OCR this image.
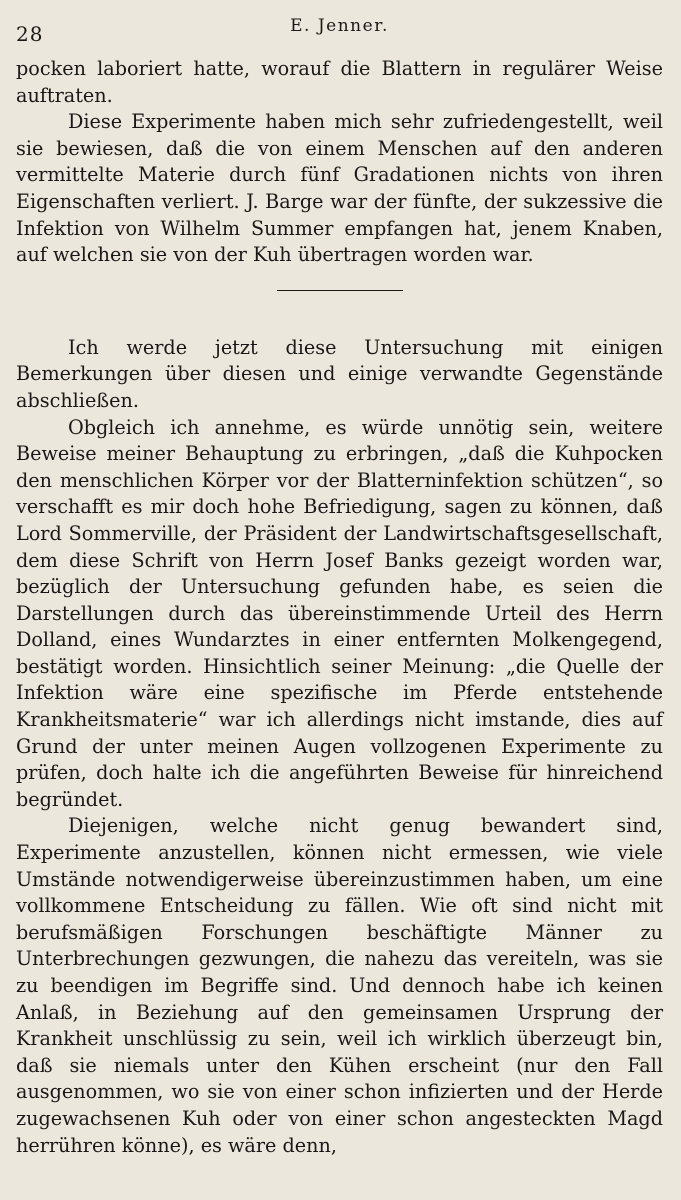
28	E. Jenner.

pocken laboriert hatte, worauf die Blattern in regulärer Weise auftraten.

Diese Experimente haben mich sehr zufriedengestellt, weil sie bewiesen, daß die von einem Menschen auf den anderen vermittelte Materie durch fünf Gradationen nichts von ihren Eigenschaften verliert. J. Barge war der fünfte, der sukzessive die Infektion von Wilhelm Summer empfangen hat, jenem Knaben, auf welchen sie von der Kuh übertragen worden war.

Ich werde jetzt diese Untersuchung mit einigen Bemerkungen über diesen und einige verwandte Gegenstände abschließen.

Obgleich ich annehme, es würde unnötig sein, weitere Beweise meiner Behauptung zu erbringen, „daß die Kuhpocken den menschlichen Körper vor der Blatterninfektion schützen“, so verschafft es mir doch hohe Befriedigung, sagen zu können, daß Lord Sommerville, der Präsident der Landwirtschaftsgesellschaft, dem diese Schrift von Herrn Josef Banks gezeigt worden war, bezüglich der Untersuchung gefunden habe, es seien die Darstellungen durch das übereinstimmende Urteil des Herrn Dolland, eines Wundarztes in einer entfernten Molkengegend, bestätigt worden. Hinsichtlich seiner Meinung: „die Quelle der Infektion wäre eine spezifische im Pferde entstehende Krankheitsmaterie“ war ich allerdings nicht imstande, dies auf Grund der unter meinen Augen vollzogenen Experimente zu prüfen, doch halte ich die angeführten Beweise für hinreichend begründet.

Diejenigen, welche nicht genug bewandert sind, Experimente anzustellen, können nicht ermessen, wie viele Umstände notwendigerweise übereinzustimmen haben, um eine vollkommene Entscheidung zu fällen. Wie oft sind nicht mit berufsmäßigen Forschungen beschäftigte Männer zu Unterbrechungen gezwungen, die nahezu das vereiteln, was sie zu beendigen im Begriffe sind. Und dennoch habe ich keinen Anlaß, in Beziehung auf den gemeinsamen Ursprung der Krankheit unschlüssig zu sein, weil ich wirklich überzeugt bin, daß sie niemals unter den Kühen erscheint (nur den Fall ausgenommen, wo sie von einer schon infizierten und der Herde zugewachsenen Kuh oder von einer schon angesteckten Magd herrühren könne), es wäre denn,
